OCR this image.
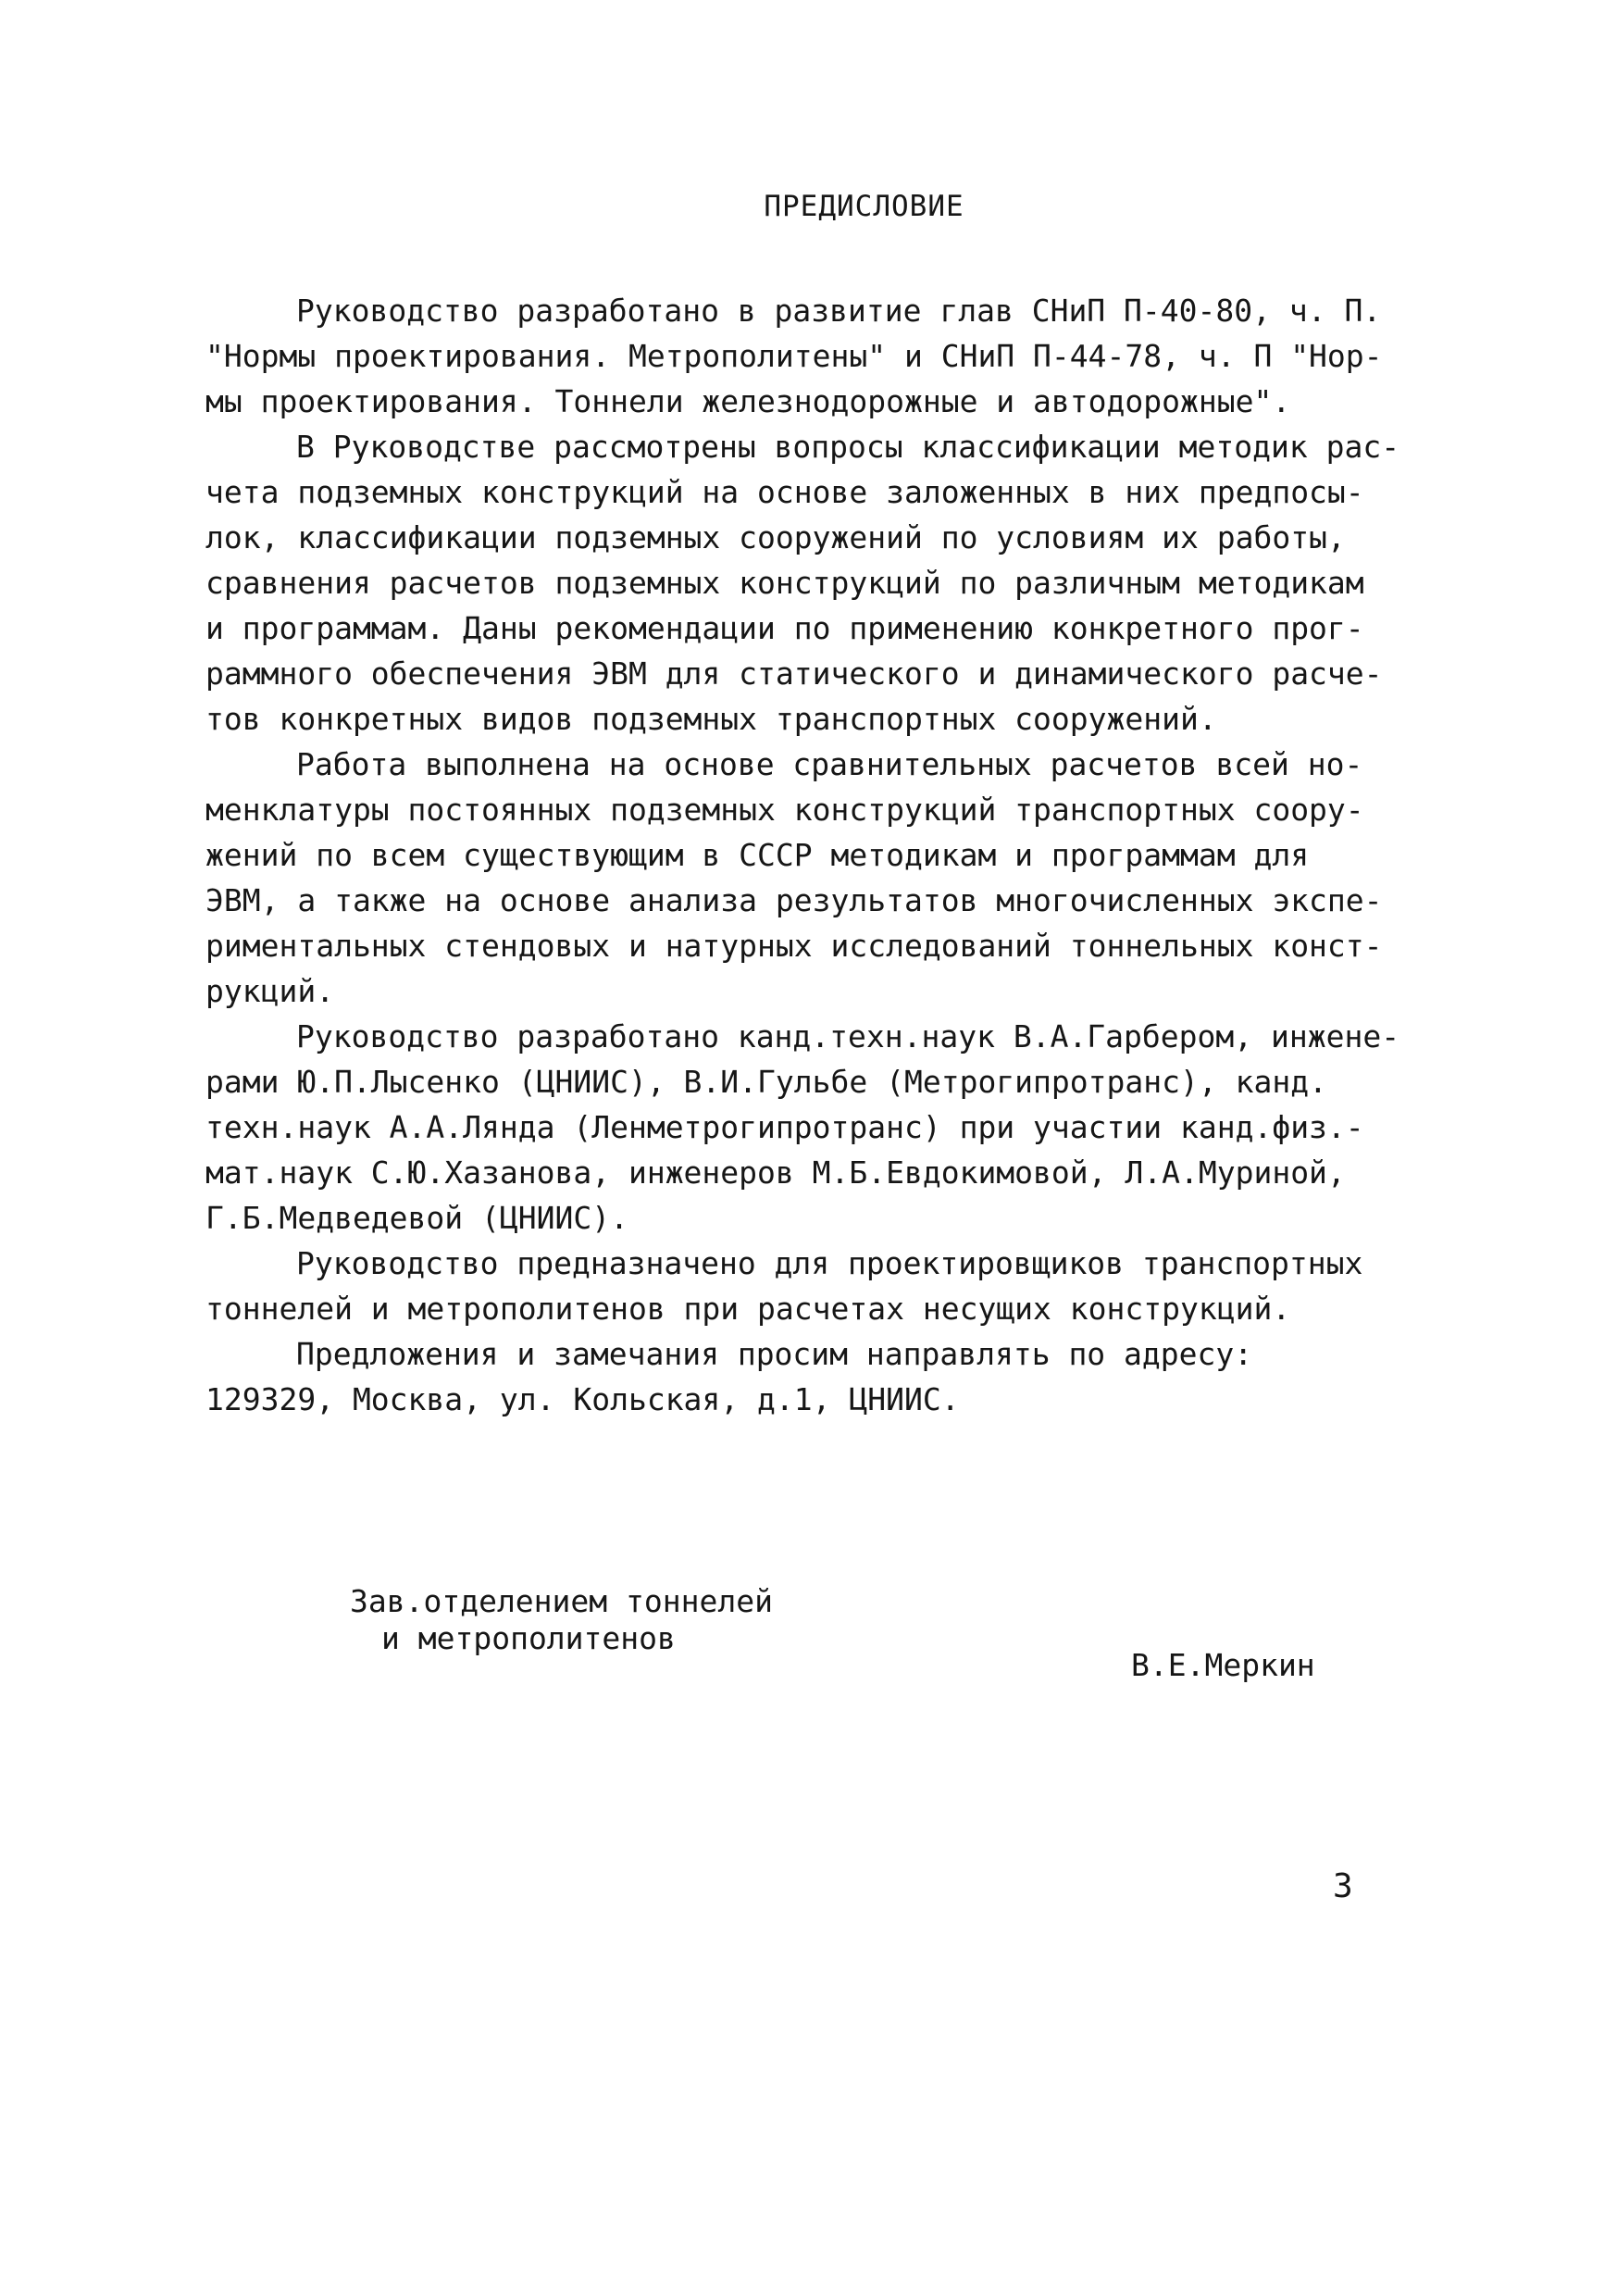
ПРЕДИСЛОВИЕ
Руководство разработано в развитие глав СНиП П-40-80, ч. П.
"Нормы проектирования. Метрополитены" и СНиП П-44-78, ч. П "Нор-
мы проектирования. Тоннели железнодорожные и автодорожные".
В Руководстве рассмотрены вопросы классификации методик рас-
чета подземных конструкций на основе заложенных в них предпосы-
лок, классификации подземных сооружений по условиям их работы,
сравнения расчетов подземных конструкций по различным методикам
и программам. Даны рекомендации по применению конкретного прог-
раммного обеспечения ЭВМ для статического и динамического расче-
тов конкретных видов подземных транспортных сооружений.
Работа выполнена на основе сравнительных расчетов всей но-
менклатуры постоянных подземных конструкций транспортных соору-
жений по всем существующим в СССР методикам и программам для
ЭВМ, а также на основе анализа результатов многочисленных экспе-
риментальных стендовых и натурных исследований тоннельных конст-
рукций.
Руководство разработано канд.техн.наук В.А.Гарбером, инжене-
рами Ю.П.Лысенко (ЦНИИС), В.И.Гульбе (Метрогипротранс), канд.
техн.наук А.А.Лянда (Ленметрогипротранс) при участии канд.физ.-
мат.наук С.Ю.Хазанова, инженеров М.Б.Евдокимовой, Л.А.Муриной,
Г.Б.Медведевой (ЦНИИС).
Руководство предназначено для проектировщиков транспортных
тоннелей и метрополитенов при расчетах несущих конструкций.
Предложения и замечания просим направлять по адресу:
129329, Москва, ул. Кольская, д.1, ЦНИИС.
Зав.отделением тоннелей
и метрополитенов
В.Е.Меркин
3
